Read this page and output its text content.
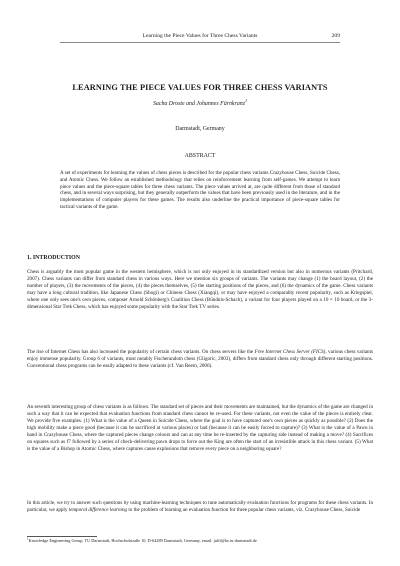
Learning the Piece Values for Three Chess Variants	209
LEARNING THE PIECE VALUES FOR THREE CHESS VARIANTS
Sacha Droste and Johannes Fürnkranz$^1$
Darmstadt, Germany
ABSTRACT

A set of experiments for learning the values of chess pieces is described for the popular chess variants Crazyhouse Chess, Suicide Chess, and Atomic Chess. We follow an established methodology that relies on reinforcement learning from self-games. We attempt to learn piece values and the piece-square tables for three chess variants. The piece values arrived at, are quite different from those of standard chess, and in several ways surprising, but they generally outperform the values that have been previously used in the literature, and in the implementations of computer players for these games. The results also underline the practical importance of piece-square tables for tactical variants of the game.

1. INTRODUCTION

Chess is arguably the most popular game in the western hemisphere, which is not only enjoyed in its standardized version but also in numerous variants (Pritchard, 2007). Chess variants can differ from standard chess in various ways. Here we mention six groups of variants. The variants may change (1) the board layout, (2) the number of players, (3) the movements of the pieces, (4) the pieces themselves, (5) the starting positions of the pieces, and (6) the dynamics of the game. Chess variants may have a long cultural tradition, like Japanese Chess (Shogi) or Chinese Chess (Xiangqi), or may have enjoyed a comparably recent popularity, such as Kriegspiel, where one only sees one's own pieces, composer Arnold Schönberg's Coalition Chess (Bündnis-Schach), a variant for four players played on a 10 × 10 board, or the 3-dimensional Star Trek Chess, which has enjoyed some popularity with the Star Trek TV series.

The rise of Internet Chess has also increased the popularity of certain chess variants. On chess servers like the Free Internet Chess Server (FICS), various chess variants enjoy immense popularity. Group 6 of variants, most notably Fischerandom chess (Gligoric, 2003), differs from standard chess only through different starting positions. Conventional chess programs can be easily adapted to these variants (cf. Van Reem, 2006).

An seventh interesting group of chess variants is as follows. The standard set of pieces and their movements are maintained, but the dynamics of the game are changed in such a way that it can be expected that evaluation functions from standard chess cannot be re-used. For these variants, not even the value of the pieces is entirely clear. We provide five examples. (1) What is the value of a Queen in Suicide Chess, where the goal is to have captured one's own pieces as quickly as possible? (2) Does the high mobility make a piece good (because it can be sacrificed at various places) or bad (because it can be easily forced to capture)? (3) What is the value of a Pawn in hand in Crazyhouse Chess, where the captured pieces change colours and can at any time be re-inserted by the capturing side instead of making a move? (4) Sacrifices on squares such as f7 followed by a series of check-delivering pawn drops to force out the King are often the start of an irresistible attack in this chess variant. (5) What is the value of a Bishop in Atomic Chess, where captures cause explosions that remove every piece on a neighboring square?

In this article, we try to answer such questions by using machine-learning techniques to tune automatically evaluation functions for programs for these chess variants. In particular, we apply temporal difference learning to the problem of learning an evaluation function for three popular chess variants, viz. Crazyhouse Chess, Suicide

$^1$Knowledge Engineering Group, TU Darmstadt, Hochschulstraße 10, D-64289 Darmstadt, Germany, email: juffi@ke.tu-darmstadt.de
